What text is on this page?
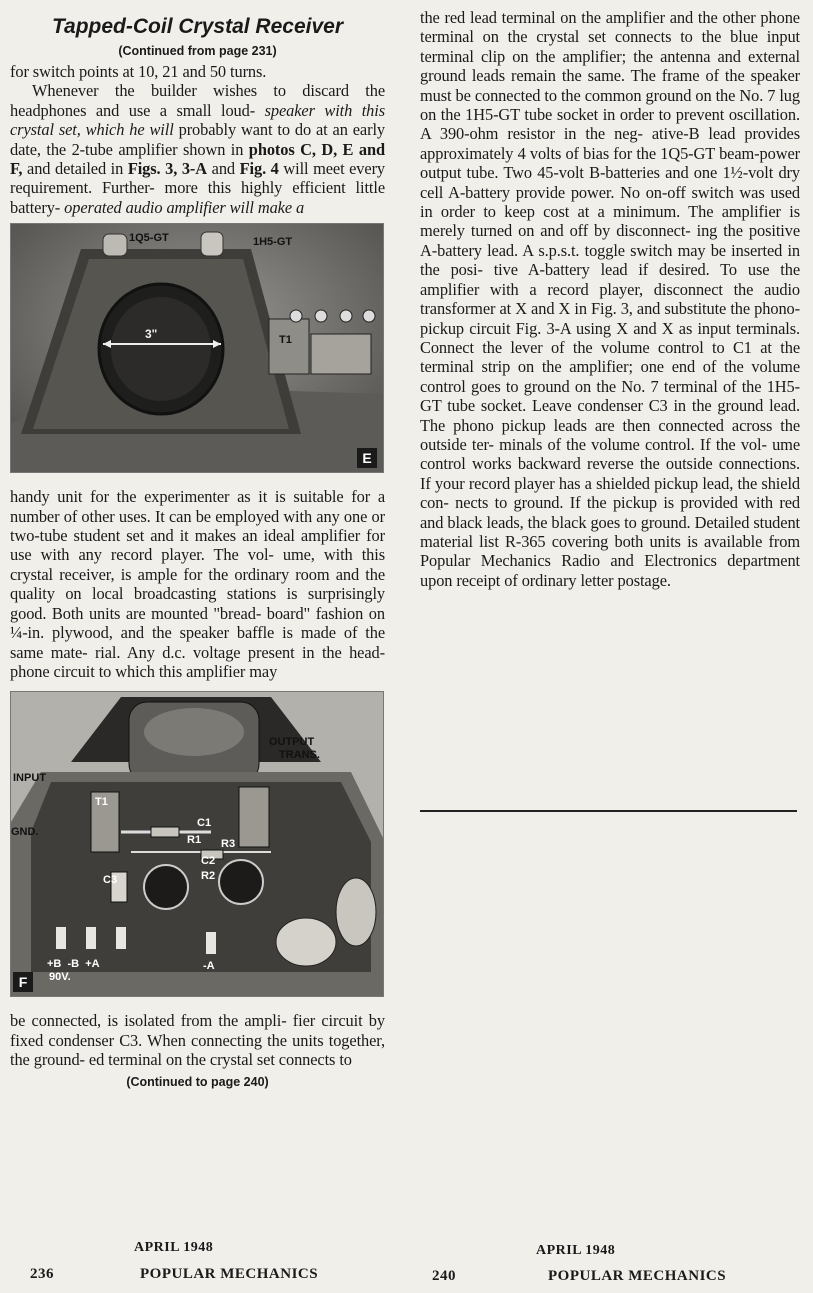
Tapped-Coil Crystal Receiver
(Continued from page 231)

for switch points at 10, 21 and 50 turns.

Whenever the builder wishes to discard the headphones and use a small loud- speaker with this crystal set, which he will probably want to do at an early date, the 2-tube amplifier shown in photos C, D, E and F, and detailed in Figs. 3, 3-A and Fig. 4 will meet every requirement. Further- more this highly efficient little battery- operated audio amplifier will make a

1Q5-GT	1H5-GT
3"	T1
E

handy unit for the experimenter as it is suitable for a number of other uses. It can be employed with any one or two-tube student set and it makes an ideal amplifier for use with any record player. The vol- ume, with this crystal receiver, is ample for the ordinary room and the quality on local broadcasting stations is surprisingly good. Both units are mounted "bread- board" fashion on ¼-in. plywood, and the speaker baffle is made of the same mate- rial. Any d.c. voltage present in the head- phone circuit to which this amplifier may

OUTPUT
TRANS.
INPUT
GND.
T1
C1
R1 R3
C2
R2
C3
+B  -B  +A
90V.
-A
F

be connected, is isolated from the ampli- fier circuit by fixed condenser C3. When connecting the units together, the ground- ed terminal on the crystal set connects to

(Continued to page 240)

the red lead terminal on the amplifier and the other phone terminal on the crystal set connects to the blue input terminal clip on the amplifier; the antenna and external ground leads remain the same. The frame of the speaker must be connected to the common ground on the No. 7 lug on the 1H5-GT tube socket in order to prevent oscillation. A 390-ohm resistor in the neg- ative-B lead provides approximately 4 volts of bias for the 1Q5-GT beam-power output tube. Two 45-volt B-batteries and one 1½-volt dry cell A-battery provide power. No on-off switch was used in order to keep cost at a minimum. The amplifier is merely turned on and off by disconnect- ing the positive A-battery lead. A s.p.s.t. toggle switch may be inserted in the posi- tive A-battery lead if desired. To use the amplifier with a record player, disconnect the audio transformer at X and X in Fig. 3, and substitute the phono-pickup circuit Fig. 3-A using X and X as input terminals. Connect the lever of the volume control to C1 at the terminal strip on the amplifier; one end of the volume control goes to ground on the No. 7 terminal of the 1H5- GT tube socket. Leave condenser C3 in the ground lead. The phono pickup leads are then connected across the outside ter- minals of the volume control. If the vol- ume control works backward reverse the outside connections. If your record player has a shielded pickup lead, the shield con- nects to ground. If the pickup is provided with red and black leads, the black goes to ground. Detailed student material list R-365 covering both units is available from Popular Mechanics Radio and Electronics department upon receipt of ordinary letter postage.

APRIL 1948
236	POPULAR MECHANICS
APRIL 1948
240	POPULAR MECHANICS
